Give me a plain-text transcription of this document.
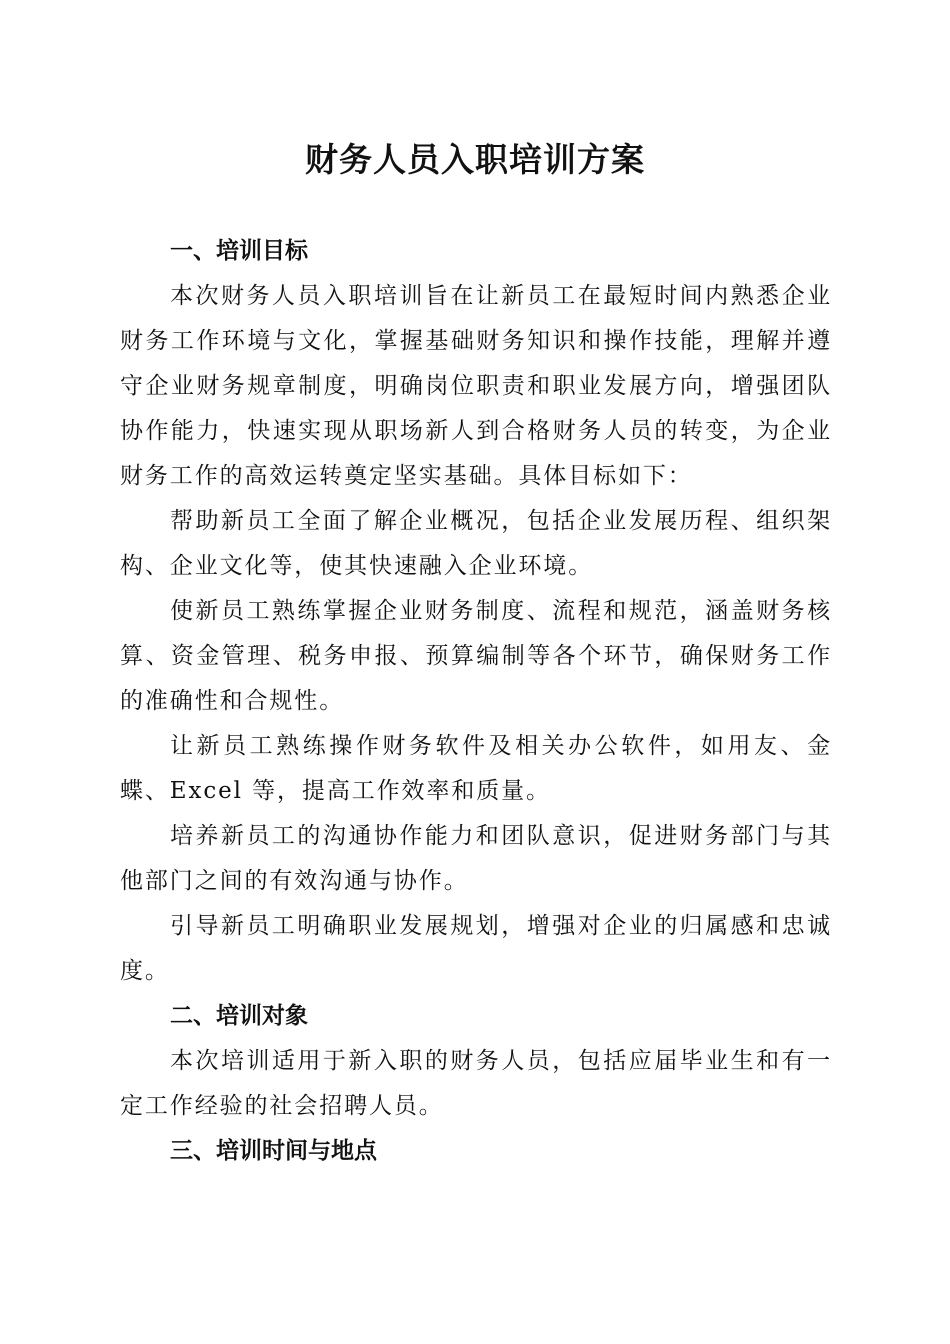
财务人员入职培训方案
一、培训目标

本次财务人员入职培训旨在让新员工在最短时间内熟悉企业财务工作环境与文化，掌握基础财务知识和操作技能，理解并遵守企业财务规章制度，明确岗位职责和职业发展方向，增强团队协作能力，快速实现从职场新人到合格财务人员的转变，为企业财务工作的高效运转奠定坚实基础。具体目标如下：

帮助新员工全面了解企业概况，包括企业发展历程、组织架构、企业文化等，使其快速融入企业环境。

使新员工熟练掌握企业财务制度、流程和规范，涵盖财务核算、资金管理、税务申报、预算编制等各个环节，确保财务工作的准确性和合规性。

让新员工熟练操作财务软件及相关办公软件，如用友、金蝶、Excel 等，提高工作效率和质量。

培养新员工的沟通协作能力和团队意识，促进财务部门与其他部门之间的有效沟通与协作。

引导新员工明确职业发展规划，增强对企业的归属感和忠诚度。

二、培训对象

本次培训适用于新入职的财务人员，包括应届毕业生和有一定工作经验的社会招聘人员。

三、培训时间与地点
